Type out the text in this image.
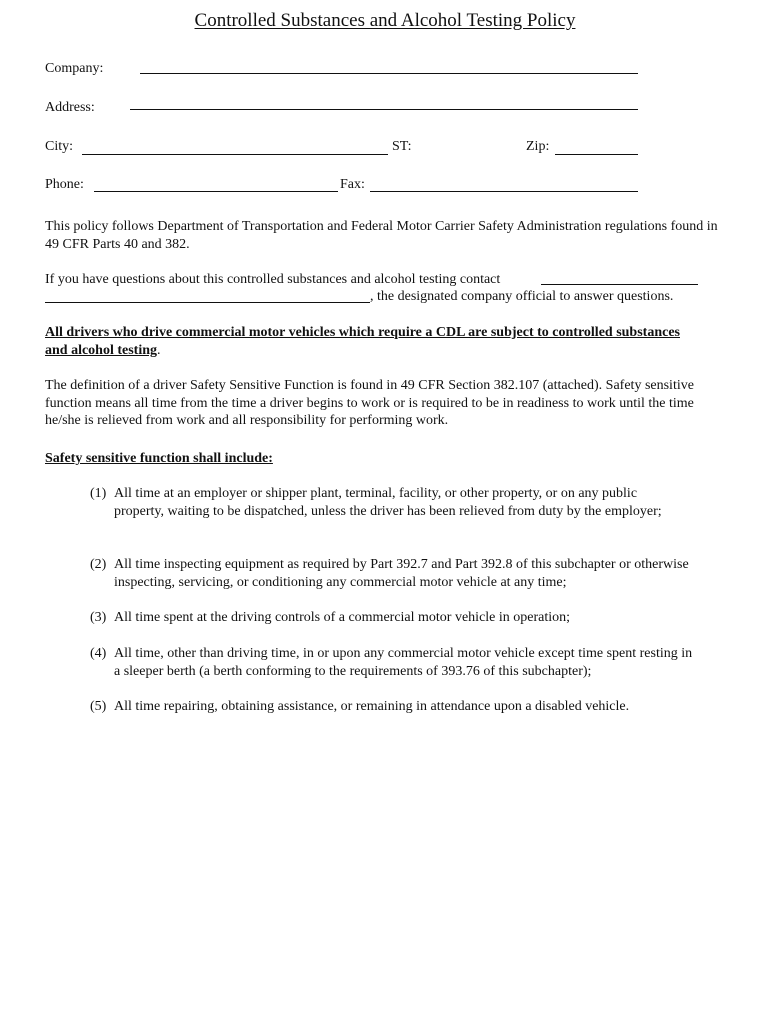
Controlled Substances and Alcohol Testing Policy
Company:
Address:
City:	ST:	Zip:
Phone:	Fax:
This policy follows Department of Transportation and Federal Motor Carrier Safety Administration regulations found in 49 CFR Parts 40 and 382.
If you have questions about this controlled substances and alcohol testing contact
, the designated company official to answer questions.
All drivers who drive commercial motor vehicles which require a CDL are subject to controlled substances and alcohol testing.
The definition of a driver Safety Sensitive Function is found in 49 CFR Section 382.107 (attached). Safety sensitive function means all time from the time a driver begins to work or is required to be in readiness to work until the time he/she is relieved from work and all responsibility for performing work.
Safety sensitive function shall include:
(1) All time at an employer or shipper plant, terminal, facility, or other property, or on any public property, waiting to be dispatched, unless the driver has been relieved from duty by the employer;
(2) All time inspecting equipment as required by Part 392.7 and Part 392.8 of this subchapter or otherwise inspecting, servicing, or conditioning any commercial motor vehicle at any time;
(3) All time spent at the driving controls of a commercial motor vehicle in operation;
(4) All time, other than driving time, in or upon any commercial motor vehicle except time spent resting in a sleeper berth (a berth conforming to the requirements of 393.76 of this subchapter);
(5) All time repairing, obtaining assistance, or remaining in attendance upon a disabled vehicle.
